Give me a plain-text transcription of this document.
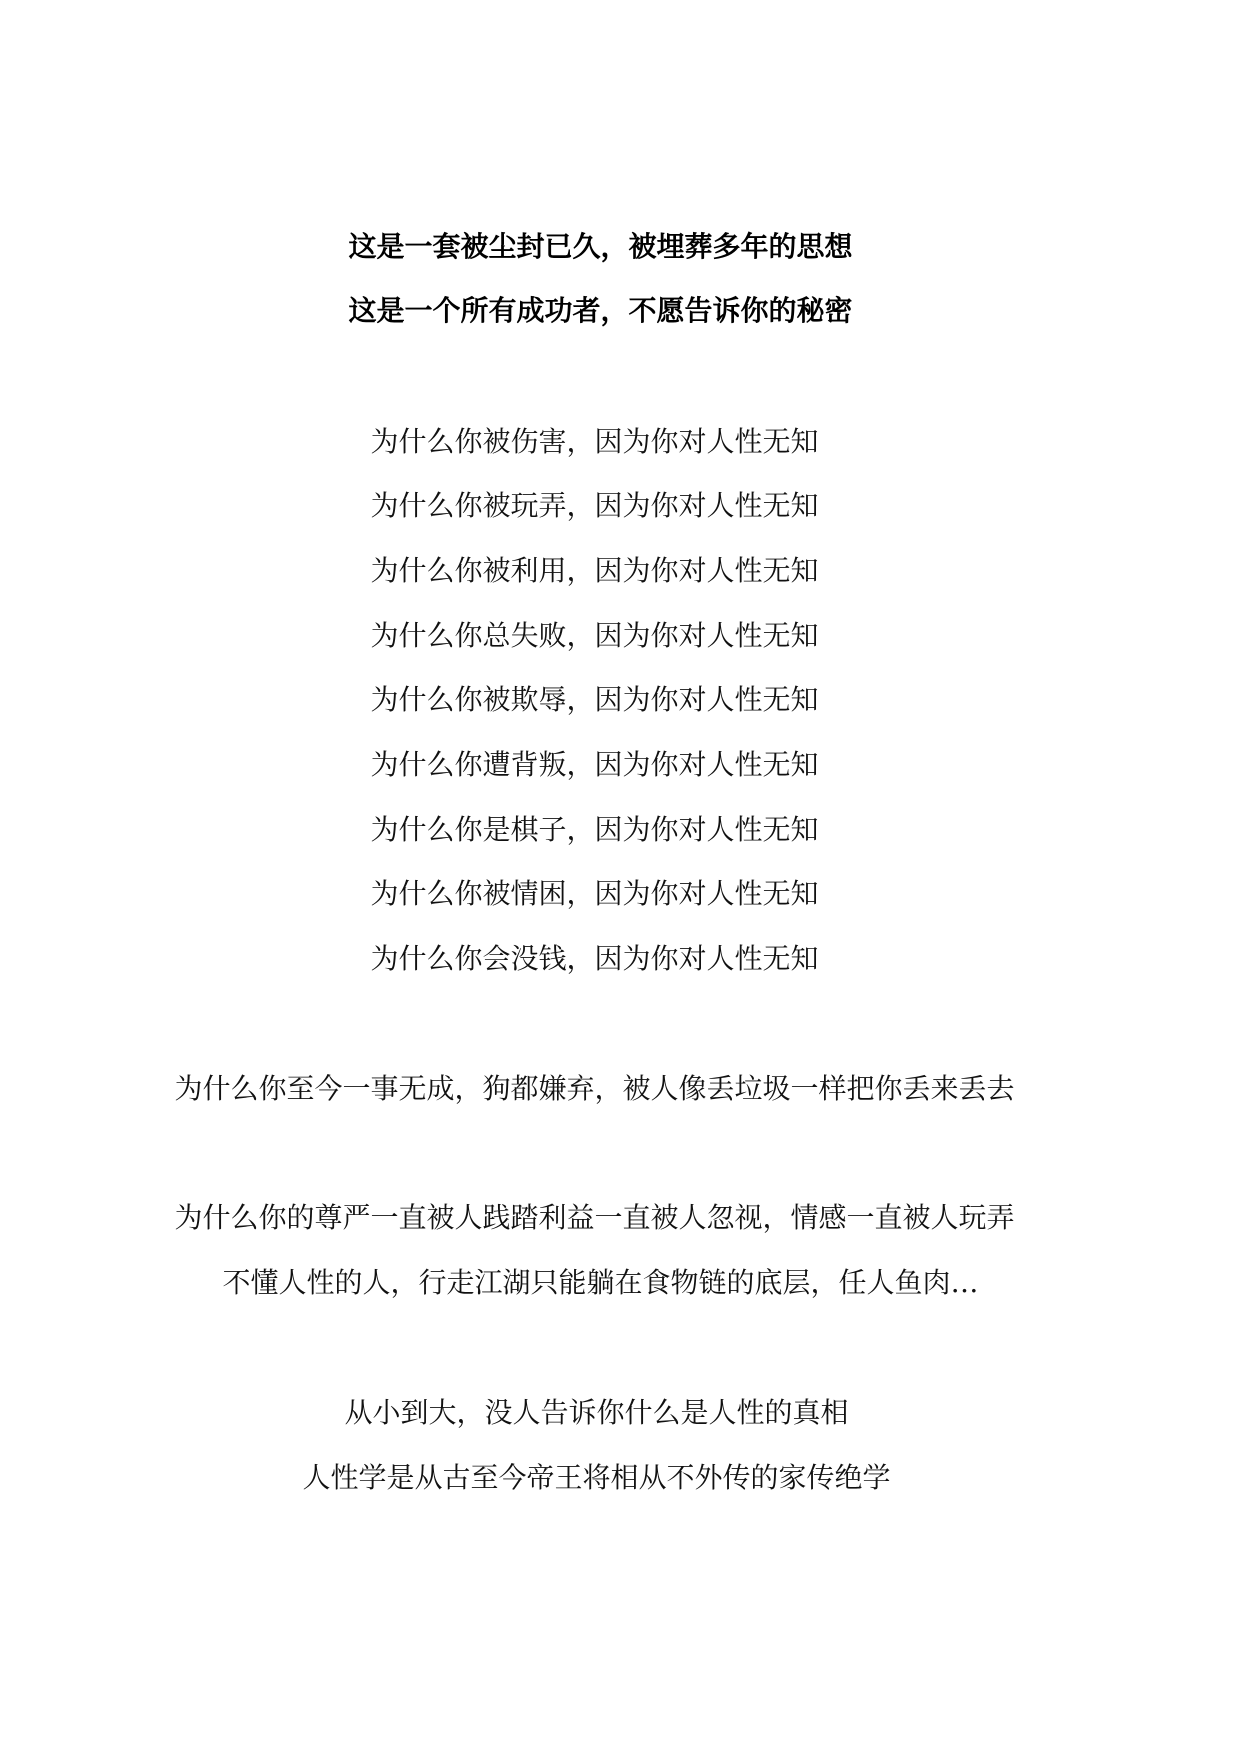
这是一套被尘封已久，被埋葬多年的思想
这是一个所有成功者，不愿告诉你的秘密
为什么你被伤害，因为你对人性无知
为什么你被玩弄，因为你对人性无知
为什么你被利用，因为你对人性无知
为什么你总失败，因为你对人性无知
为什么你被欺辱，因为你对人性无知
为什么你遭背叛，因为你对人性无知
为什么你是棋子，因为你对人性无知
为什么你被情困，因为你对人性无知
为什么你会没钱，因为你对人性无知
为什么你至今一事无成，狗都嫌弃，被人像丢垃圾一样把你丢来丢去
为什么你的尊严一直被人践踏利益一直被人忽视，情感一直被人玩弄
不懂人性的人，行走江湖只能躺在食物链的底层，任人鱼肉…
从小到大，没人告诉你什么是人性的真相
人性学是从古至今帝王将相从不外传的家传绝学
